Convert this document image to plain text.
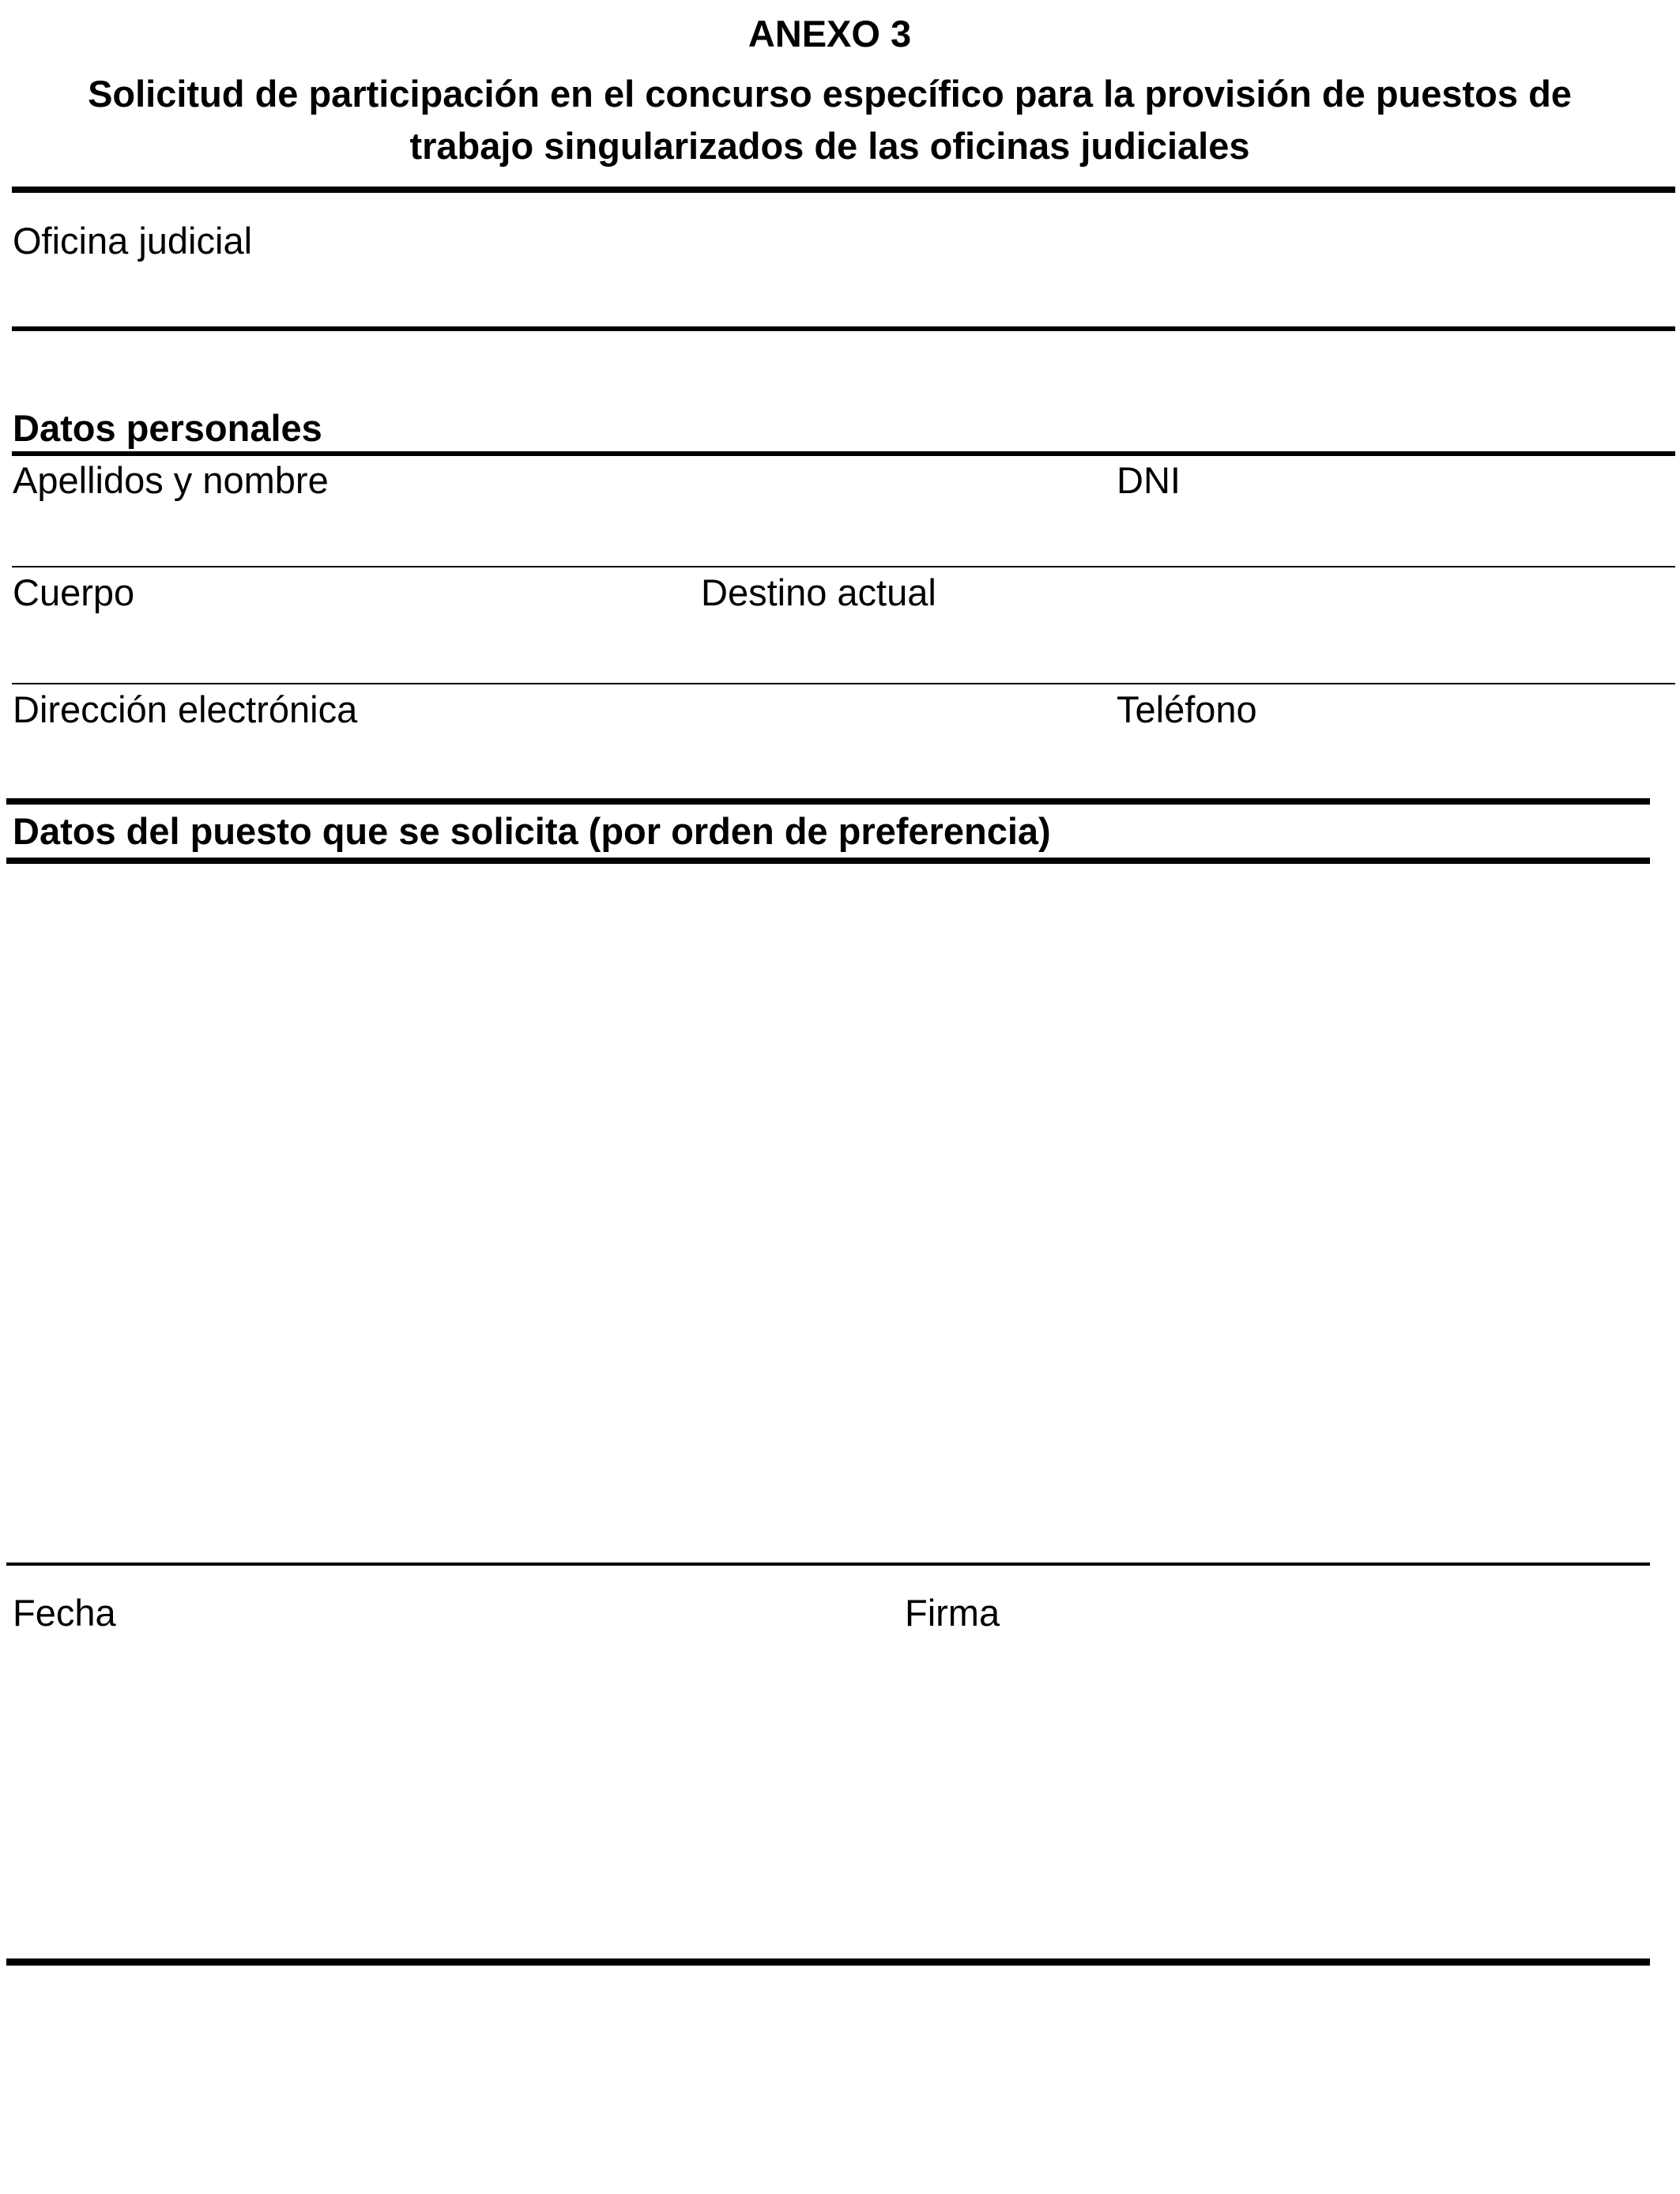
ANEXO 3
Solicitud de participación en el concurso específico para la provisión de puestos de
trabajo singularizados de las oficinas judiciales
Oficina judicial
Datos personales
Apellidos y nombre	DNI
Cuerpo	Destino actual
Dirección electrónica	Teléfono
Datos del puesto que se solicita (por orden de preferencia)
Fecha	Firma
